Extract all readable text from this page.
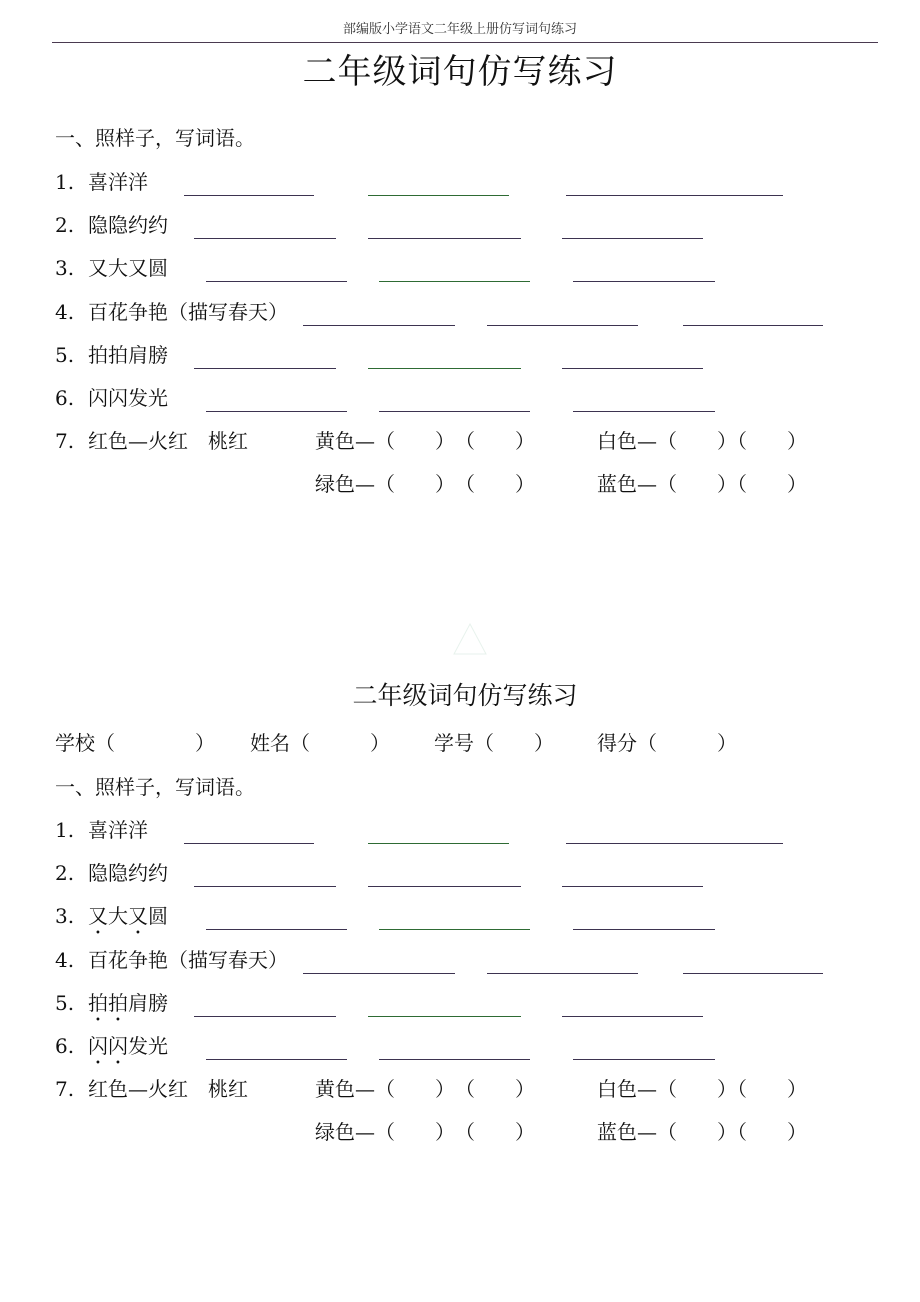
部编版小学语文二年级上册仿写词句练习
二年级词句仿写练习
一、照样子，写词语。
1. 喜洋洋
2. 隐隐约约
3. 又大又圆
4. 百花争艳（描写春天）
5. 拍拍肩膀
6. 闪闪发光
7. 红色—火红　桃红	黄色—（　　）　（　　）	白色—（　　）（　　）
绿色—（　　）　（　　）	蓝色—（　　）（　　）
二年级词句仿写练习
学校（　　　　） 姓名（　　　） 学号（　　） 得分（　　　）
一、照样子，写词语。
1. 喜洋洋
2. 隐隐约约
3. 又大又圆
4. 百花争艳（描写春天）
5. 拍拍肩膀
6. 闪闪发光
7. 红色—火红　桃红	黄色—（　　）　（　　）	白色—（　　）（　　）
绿色—（　　）　（　　）	蓝色—（　　）（　　）
